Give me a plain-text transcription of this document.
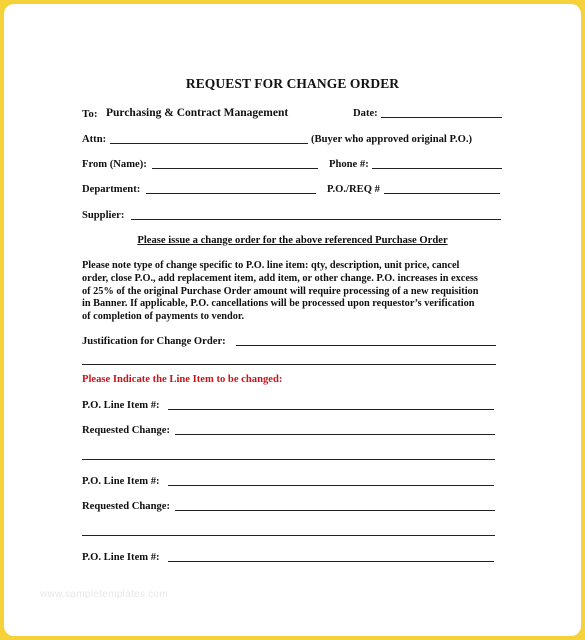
REQUEST FOR CHANGE ORDER
To: Purchasing & Contract Management	Date:
Attn:	(Buyer who approved original P.O.)
From (Name):	Phone #:
Department:	P.O./REQ #
Supplier:
Please issue a change order for the above referenced Purchase Order
Please note type of change specific to P.O. line item: qty, description, unit price, cancel
order, close P.O., add replacement item, add item, or other change. P.O. increases in excess
of 25% of the original Purchase Order amount will require processing of a new requisition
in Banner. If applicable, P.O. cancellations will be processed upon requestor’s verification
of completion of payments to vendor.
Justification for Change Order:
Please Indicate the Line Item to be changed:
P.O. Line Item #:
Requested Change:
P.O. Line Item #:
Requested Change:
P.O. Line Item #:
www.sampletemplates.com
